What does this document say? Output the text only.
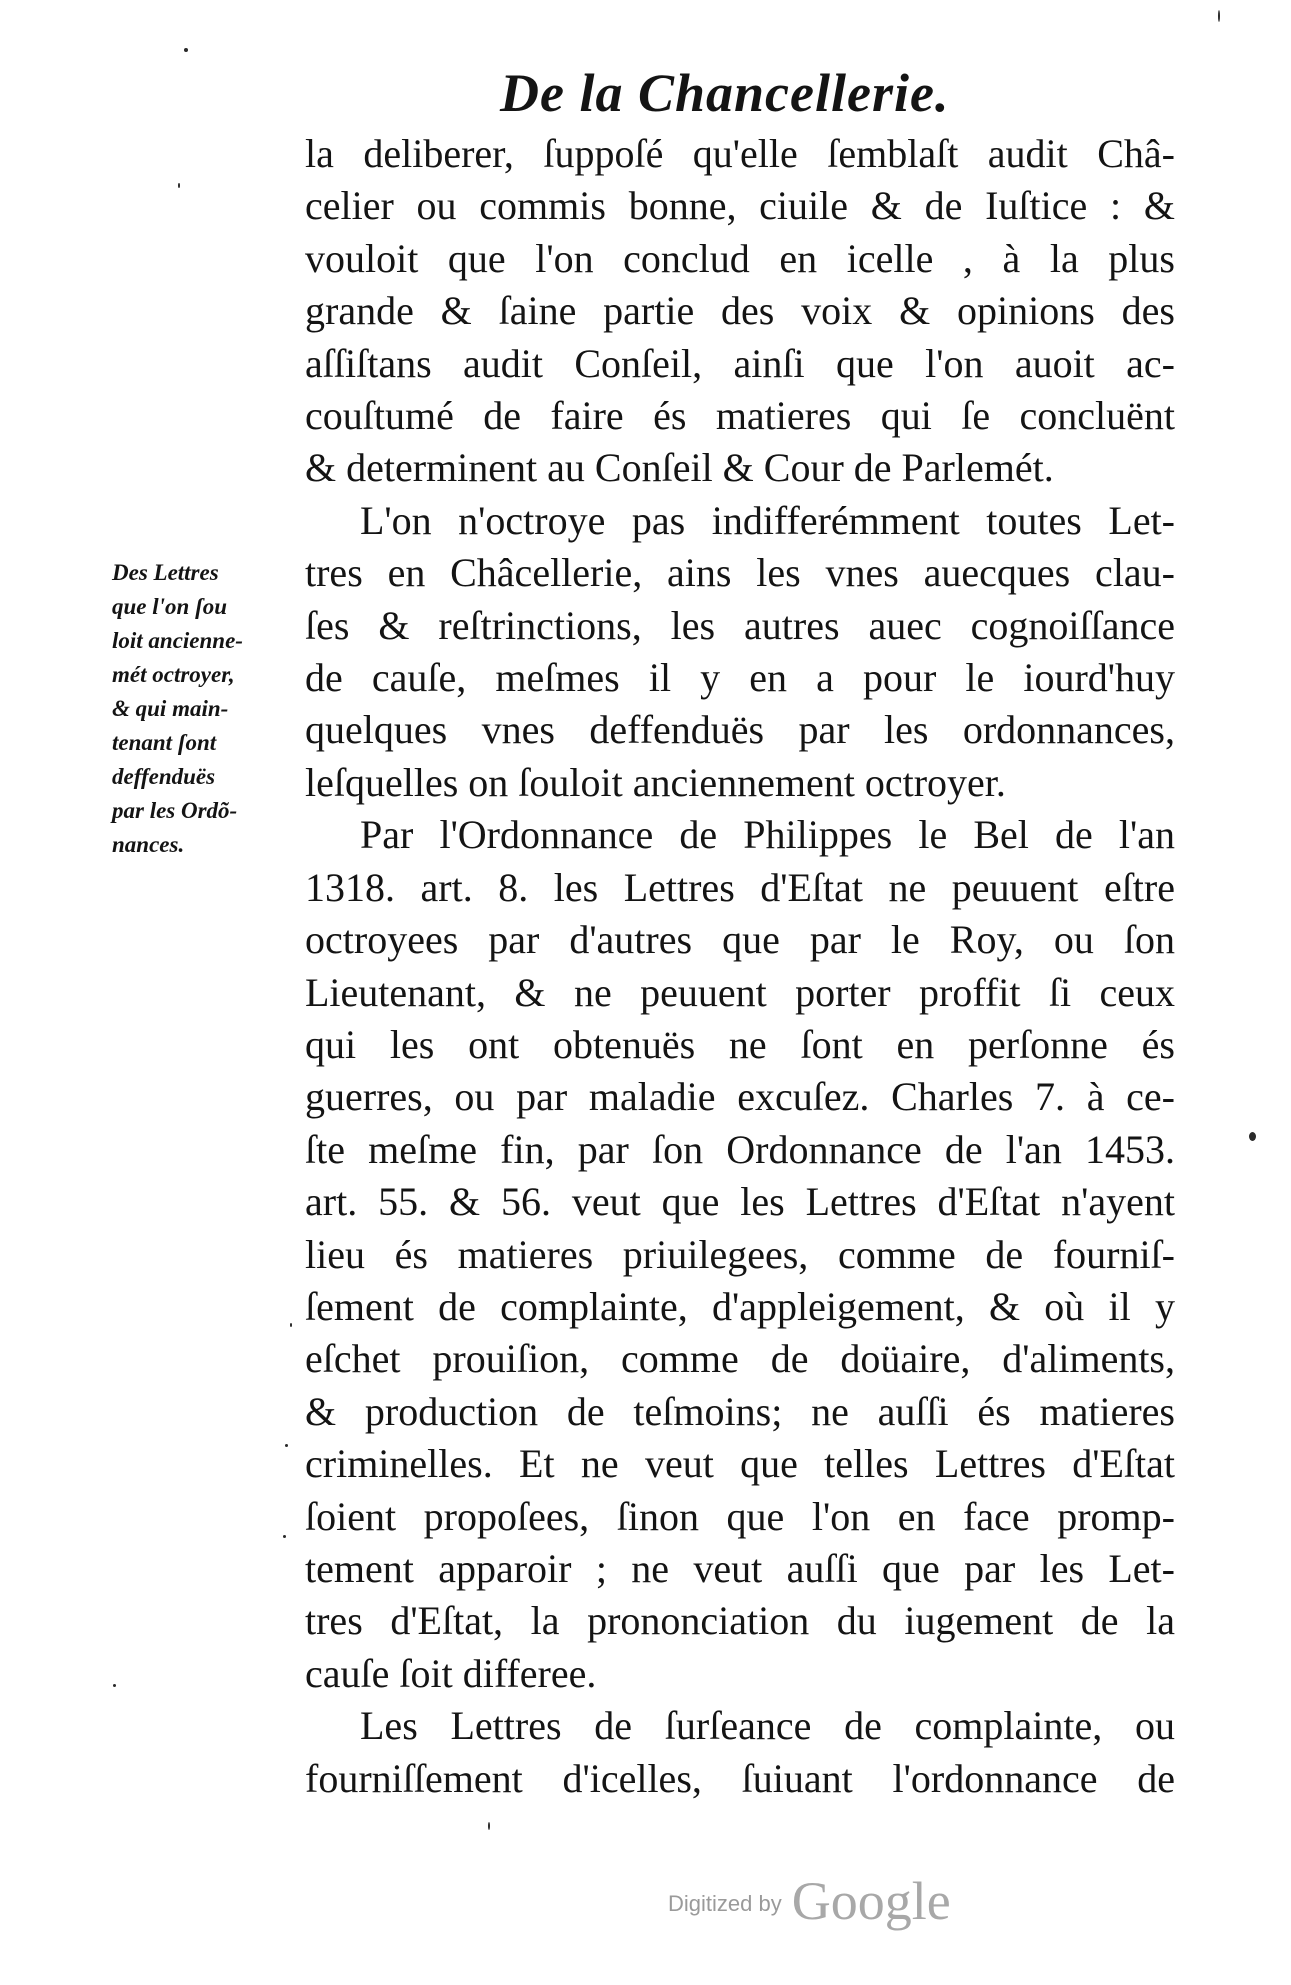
De la Chancellerie.
la deliberer, ſuppoſé qu'elle ſemblaſt audit Châ-
celier ou commis bonne, ciuile & de Iuſtice : &
vouloit que l'on conclud en icelle , à la plus
grande & ſaine partie des voix & opinions des
aſſiſtans audit Conſeil, ainſi que l'on auoit ac-
couſtumé de faire és matieres qui ſe concluënt
& determinent au Conſeil & Cour de Parlemét.
L'on n'octroye pas indifferémment toutes Let-
tres en Châcellerie, ains les vnes auecques clau-
ſes & reſtrinctions, les autres auec cognoiſſance
de cauſe, meſmes il y en a pour le iourd'huy
quelques vnes deffenduës par les ordonnances,
leſquelles on ſouloit anciennement octroyer.
Par l'Ordonnance de Philippes le Bel de l'an
1318. art. 8. les Lettres d'Eſtat ne peuuent eſtre
octroyees par d'autres que par le Roy, ou ſon
Lieutenant, & ne peuuent porter proffit ſi ceux
qui les ont obtenuës ne ſont en perſonne és
guerres, ou par maladie excuſez. Charles 7. à ce-
ſte meſme fin, par ſon Ordonnance de l'an 1453.
art. 55. & 56. veut que les Lettres d'Eſtat n'ayent
lieu és matieres priuilegees, comme de fourniſ-
ſement de complainte, d'appleigement, & où il y
eſchet prouiſion, comme de doüaire, d'aliments,
& production de teſmoins; ne auſſi és matieres
criminelles. Et ne veut que telles Lettres d'Eſtat
ſoient propoſees, ſinon que l'on en face promp-
tement apparoir ; ne veut auſſi que par les Let-
tres d'Eſtat, la prononciation du iugement de la
cauſe ſoit differee.
Les Lettres de ſurſeance de complainte, ou
fourniſſement d'icelles, ſuiuant l'ordonnance de
Des Lettres
que l'on ſou
loit anciennе-
mét octroyer,
& qui main-
tenant ſont
deffenduës
par les Ordõ-
nances.
Digitized by Google
